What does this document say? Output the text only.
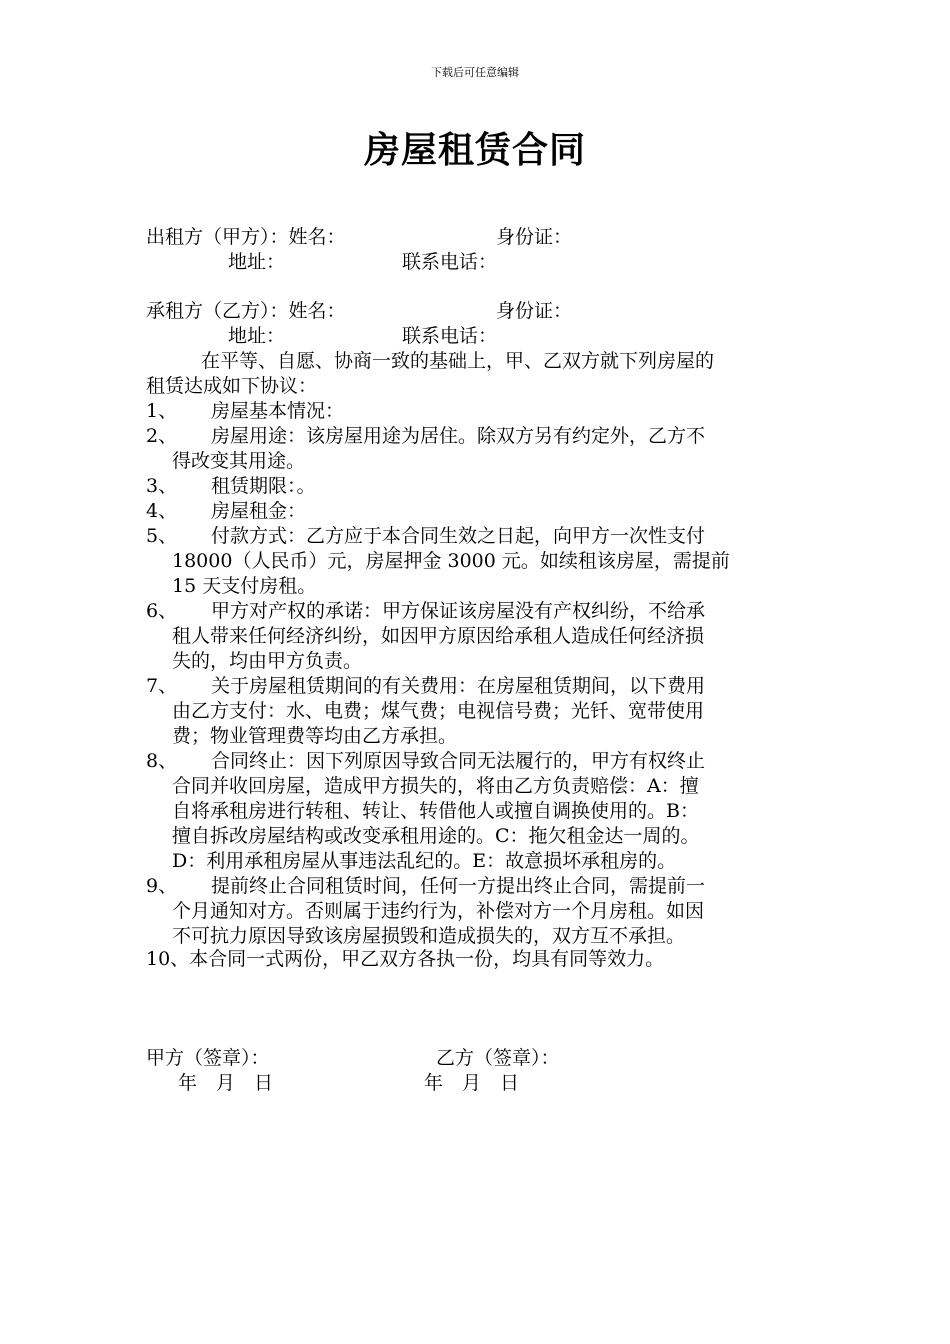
下载后可任意编辑
房屋租赁合同
出租方（甲方）：姓名：	身份证：
地址：	联系电话：
承租方（乙方）：姓名：	身份证：
地址：	联系电话：
在平等、自愿、协商一致的基础上，甲、乙双方就下列房屋的
租赁达成如下协议：
1、 房屋基本情况：
2、 房屋用途：该房屋用途为居住。除双方另有约定外，乙方不
得改变其用途。
3、 租赁期限：。
4、 房屋租金：
5、 付款方式：乙方应于本合同生效之日起，向甲方一次性支付
18000（人民币）元，房屋押金 3000 元。如续租该房屋，需提前
15 天支付房租。
6、 甲方对产权的承诺：甲方保证该房屋没有产权纠纷，不给承
租人带来任何经济纠纷，如因甲方原因给承租人造成任何经济损
失的，均由甲方负责。
7、 关于房屋租赁期间的有关费用：在房屋租赁期间，以下费用
由乙方支付：水、电费；煤气费；电视信号费；光钎、宽带使用
费；物业管理费等均由乙方承担。
8、 合同终止：因下列原因导致合同无法履行的，甲方有权终止
合同并收回房屋，造成甲方损失的，将由乙方负责赔偿：A：擅
自将承租房进行转租、转让、转借他人或擅自调换使用的。B：
擅自拆改房屋结构或改变承租用途的。C：拖欠租金达一周的。
D：利用承租房屋从事违法乱纪的。E：故意损坏承租房的。
9、 提前终止合同租赁时间，任何一方提出终止合同，需提前一
个月通知对方。否则属于违约行为，补偿对方一个月房租。如因
不可抗力原因导致该房屋损毁和造成损失的，双方互不承担。
10、本合同一式两份，甲乙双方各执一份，均具有同等效力。
甲方（签章）：	乙方（签章）：
年　月　日	年　月　日
